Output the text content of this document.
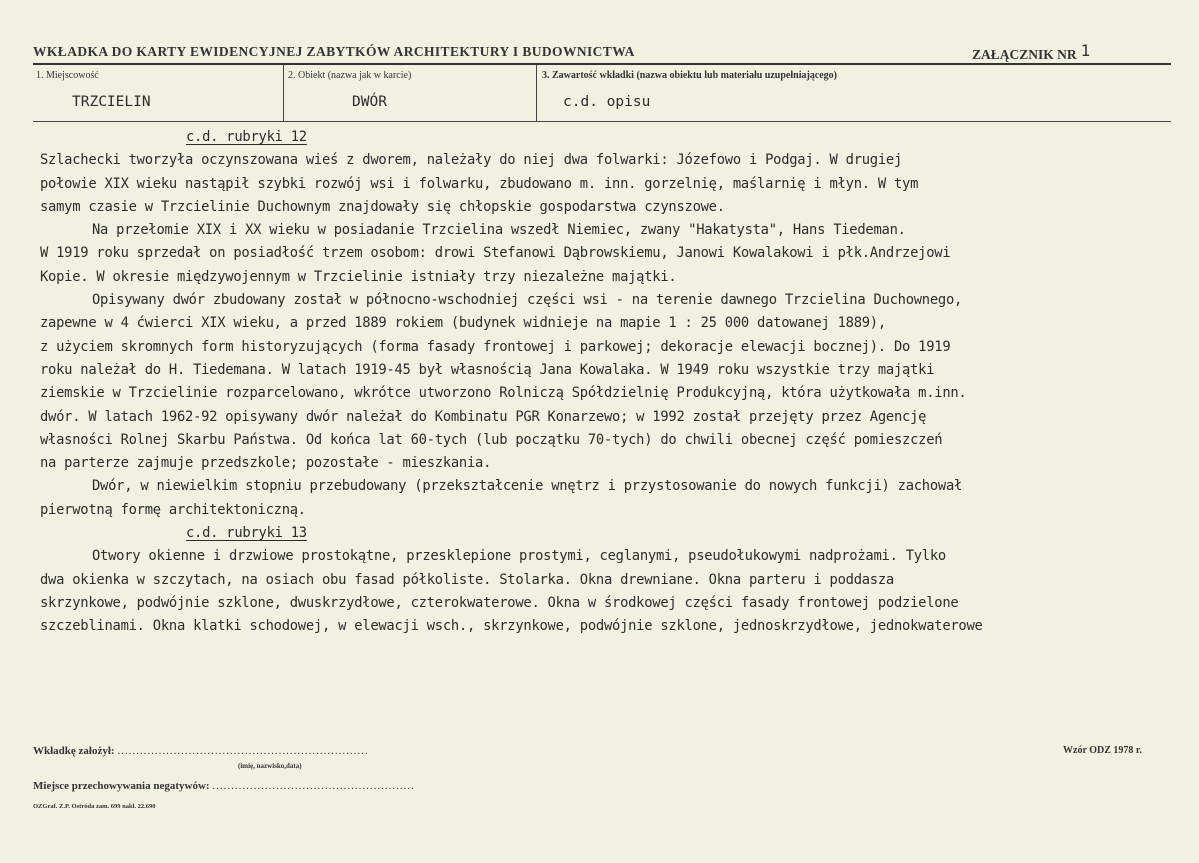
WKŁADKA DO KARTY EWIDENCYJNEJ ZABYTKÓW ARCHITEKTURY I BUDOWNICTWA	ZAŁĄCZNIK NR 1
1. Miejscowość	2. Obiekt (nazwa jak w karcie)	3. Zawartość wkładki (nazwa obiektu lub materiału uzupełniającego)
TRZCIELIN	DWÓR	c.d. opisu
c.d. rubryki 12
Szlachecki tworzyła oczynszowana wieś z dworem, należały do niej dwa folwarki: Józefowo i Podgaj. W drugiej
połowie XIX wieku nastąpił szybki rozwój wsi i folwarku, zbudowano m. inn. gorzelnię, maślarnię i młyn. W tym
samym czasie w Trzcielinie Duchownym znajdowały się chłopskie gospodarstwa czynszowe.
Na przełomie XIX i XX wieku w posiadanie Trzcielina wszedł Niemiec, zwany "Hakatysta", Hans Tiedeman.
W 1919 roku sprzedał on posiadłość trzem osobom: drowi Stefanowi Dąbrowskiemu, Janowi Kowalakowi i płk.Andrzejowi
Kopie. W okresie międzywojennym w Trzcielinie istniały trzy niezależne majątki.
Opisywany dwór zbudowany został w północno-wschodniej części wsi - na terenie dawnego Trzcielina Duchownego,
zapewne w 4 ćwierci XIX wieku, a przed 1889 rokiem (budynek widnieje na mapie 1 : 25 000 datowanej 1889),
z użyciem skromnych form historyzujących (forma fasady frontowej i parkowej; dekoracje elewacji bocznej). Do 1919
roku należał do H. Tiedemana. W latach 1919-45 był własnością Jana Kowalaka. W 1949 roku wszystkie trzy majątki
ziemskie w Trzcielinie rozparcelowano, wkrótce utworzono Rolniczą Spółdzielnię Produkcyjną, która użytkowała m.inn.
dwór. W latach 1962-92 opisywany dwór należał do Kombinatu PGR Konarzewo; w 1992 został przejęty przez Agencję
własności Rolnej Skarbu Państwa. Od końca lat 60-tych (lub początku 70-tych) do chwili obecnej część pomieszczeń
na parterze zajmuje przedszkole; pozostałe - mieszkania.
Dwór, w niewielkim stopniu przebudowany (przekształcenie wnętrz i przystosowanie do nowych funkcji) zachował
pierwotną formę architektoniczną.
c.d. rubryki 13
Otwory okienne i drzwiowe prostokątne, przesklepione prostymi, ceglanymi, pseudołukowymi nadprożami. Tylko
dwa okienka w szczytach, na osiach obu fasad półkoliste. Stolarka. Okna drewniane. Okna parteru i poddasza
skrzynkowe, podwójnie szklone, dwuskrzydłowe, czterokwaterowe. Okna w środkowej części fasady frontowej podzielone
szczeblinami. Okna klatki schodowej, w elewacji wsch., skrzynkowe, podwójnie szklone, jednoskrzydłowe, jednokwaterowe
Wkładkę założył: ...................................................................
(imię, nazwisko,data)
Miejsce przechowywania negatywów: ......................................................
OZGraf. Z.P. Ostróda zam. 699 nakł. 22.690
Wzór ODZ 1978 r.
